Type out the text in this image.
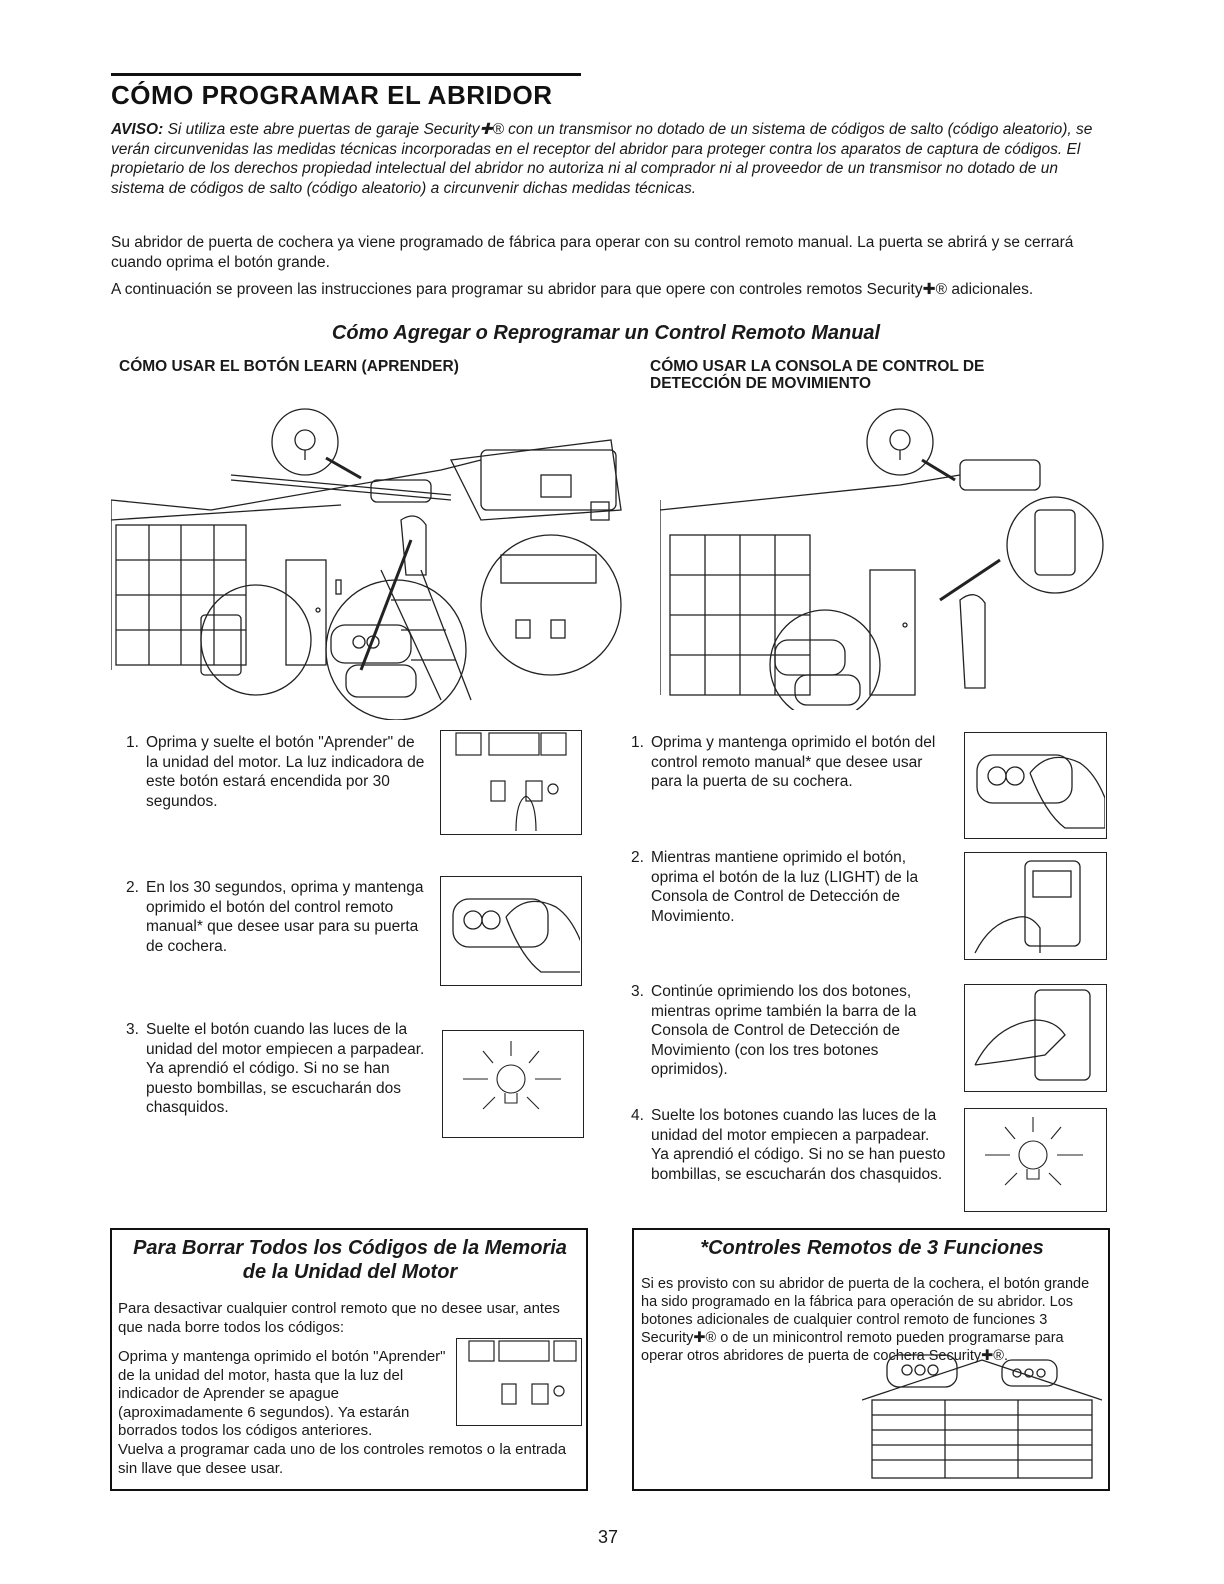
CÓMO PROGRAMAR EL ABRIDOR
AVISO: Si utiliza este abre puertas de garaje Security✚® con un transmisor no dotado de un sistema de códigos de salto (código aleatorio), se verán circunvenidas las medidas técnicas incorporadas en el receptor del abridor para proteger contra los aparatos de captura de códigos. El propietario de los derechos propiedad intelectual del abridor no autoriza ni al comprador ni al proveedor de un transmisor no dotado de un sistema de códigos de salto (código aleatorio) a circunvenir dichas medidas técnicas.
Su abridor de puerta de cochera ya viene programado de fábrica para operar con su control remoto manual. La puerta se abrirá y se cerrará cuando oprima el botón grande.
A continuación se proveen las instrucciones para programar su abridor para que opere con controles remotos Security✚® adicionales.
Cómo Agregar o Reprogramar un Control Remoto Manual
CÓMO USAR EL BOTÓN LEARN (APRENDER)	CÓMO USAR LA CONSOLA DE CONTROL DE DETECCIÓN DE MOVIMIENTO
1. Oprima y suelte el botón "Aprender" de la unidad del motor. La luz indicadora de este botón estará encendida por 30 segundos.
2. En los 30 segundos, oprima y mantenga oprimido el botón del control remoto manual* que desee usar para su puerta de cochera.
3. Suelte el botón cuando las luces de la unidad del motor empiecen a parpadear. Ya aprendió el código. Si no se han puesto bombillas, se escucharán dos chasquidos.
1. Oprima y mantenga oprimido el botón del control remoto manual* que desee usar para la puerta de su cochera.
2. Mientras mantiene oprimido el botón, oprima el botón de la luz (LIGHT) de la Consola de Control de Detección de Movimiento.
3. Continúe oprimiendo los dos botones, mientras oprime también la barra de la Consola de Control de Detección de Movimiento (con los tres botones oprimidos).
4. Suelte los botones cuando las luces de la unidad del motor empiecen a parpadear. Ya aprendió el código. Si no se han puesto bombillas, se escucharán dos chasquidos.
Para Borrar Todos los Códigos de la Memoria de la Unidad del Motor
Para desactivar cualquier control remoto que no desee usar, antes que nada borre todos los códigos:
Oprima y mantenga oprimido el botón "Aprender" de la unidad del motor, hasta que la luz del indicador de Aprender se apague (aproximadamente 6 segundos). Ya estarán borrados todos los códigos anteriores.
Vuelva a programar cada uno de los controles remotos o la entrada sin llave que desee usar.
*Controles Remotos de 3 Funciones
Si es provisto con su abridor de puerta de la cochera, el botón grande ha sido programado en la fábrica para operación de su abridor. Los botones adicionales de cualquier control remoto de funciones 3 Security✚® o de un minicontrol remoto pueden programarse para operar otros abridores de puerta de cochera Security✚®.
37
